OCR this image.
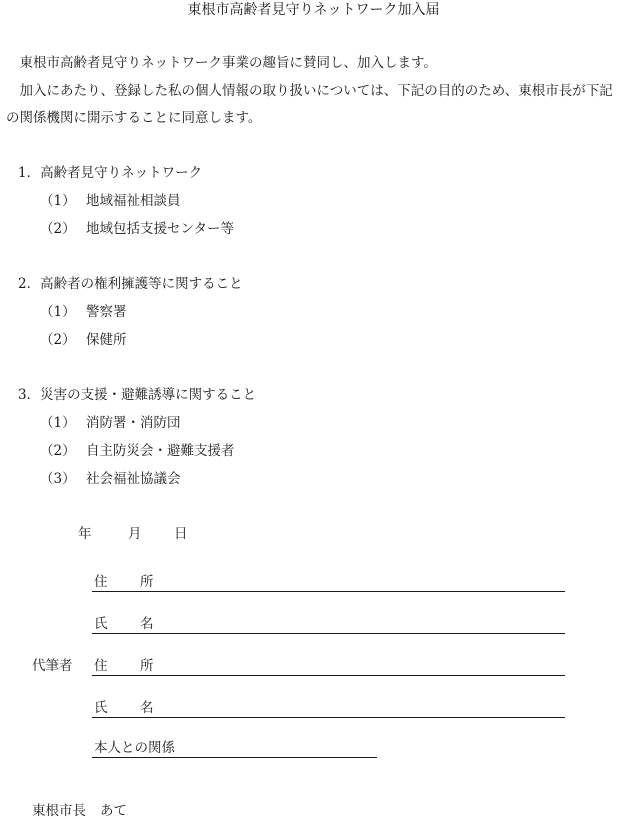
東根市高齢者見守りネットワーク加入届

東根市高齢者見守りネットワーク事業の趣旨に賛同し、加入します。

加入にあたり、登録した私の個人情報の取り扱いについては、下記の目的のため、東根市長が下記の関係機関に開示することに同意します。

1．高齢者見守りネットワーク
（1） 地域福祉相談員
（2） 地域包括支援センター等
2．高齢者の権利擁護等に関すること
（1） 警察署
（2） 保健所
3．災害の支援・避難誘導に関すること
（1） 消防署・消防団
（2） 自主防災会・避難支援者
（3） 社会福祉協議会
年	月 日
住 所
氏 名
代筆者 住 所
氏 名
本人との関係
東根市長 あて
